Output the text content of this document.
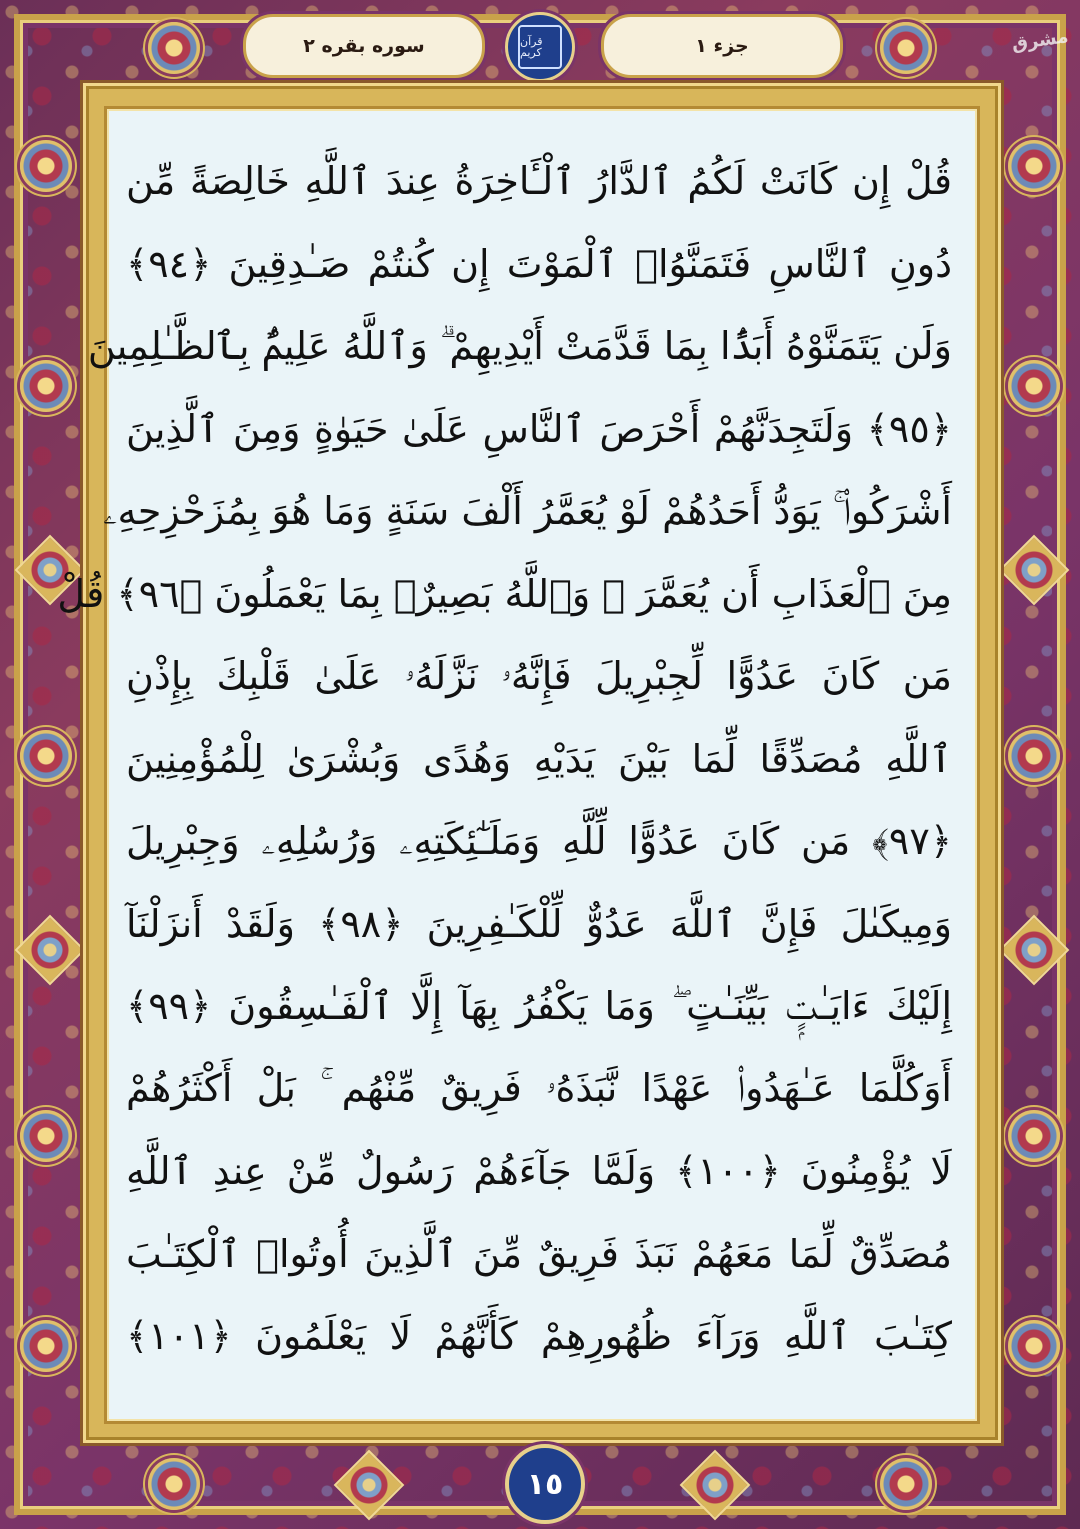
سوره بقره ٢	جزء ١
قرآن كريم	مشرق
قُلْ إِن كَانَتْ لَكُمُ ٱلدَّارُ ٱلْـَٔاخِرَةُ عِندَ ٱللَّهِ خَالِصَةً مِّن
دُونِ ٱلنَّاسِ فَتَمَنَّوُا۟ ٱلْمَوْتَ إِن كُنتُمْ صَـٰدِقِينَ ﴿٩٤﴾
وَلَن يَتَمَنَّوْهُ أَبَدًۢا بِمَا قَدَّمَتْ أَيْدِيهِمْ ۗ وَٱللَّهُ عَلِيمٌۢ بِٱلظَّـٰلِمِينَ
﴿٩٥﴾ وَلَتَجِدَنَّهُمْ أَحْرَصَ ٱلنَّاسِ عَلَىٰ حَيَوٰةٍ وَمِنَ ٱلَّذِينَ
أَشْرَكُوا۟ ۚ يَوَدُّ أَحَدُهُمْ لَوْ يُعَمَّرُ أَلْفَ سَنَةٍ وَمَا هُوَ بِمُزَحْزِحِهِۦ
مِنَ ٱلْعَذَابِ أَن يُعَمَّرَ ۗ وَٱللَّهُ بَصِيرٌۢ بِمَا يَعْمَلُونَ ﴿٩٦﴾ قُلْ
مَن كَانَ عَدُوًّا لِّجِبْرِيلَ فَإِنَّهُۥ نَزَّلَهُۥ عَلَىٰ قَلْبِكَ بِإِذْنِ
ٱللَّهِ مُصَدِّقًا لِّمَا بَيْنَ يَدَيْهِ وَهُدًى وَبُشْرَىٰ لِلْمُؤْمِنِينَ
﴿٩٧﴾ مَن كَانَ عَدُوًّا لِّلَّهِ وَمَلَـٰٓئِكَتِهِۦ وَرُسُلِهِۦ وَجِبْرِيلَ
وَمِيكَىٰلَ فَإِنَّ ٱللَّهَ عَدُوٌّ لِّلْكَـٰفِرِينَ ﴿٩٨﴾ وَلَقَدْ أَنزَلْنَآ
إِلَيْكَ ءَايَـٰتٍۭ بَيِّنَـٰتٍ ۖ وَمَا يَكْفُرُ بِهَآ إِلَّا ٱلْفَـٰسِقُونَ ﴿٩٩﴾
أَوَكُلَّمَا عَـٰهَدُوا۟ عَهْدًا نَّبَذَهُۥ فَرِيقٌ مِّنْهُم ۚ بَلْ أَكْثَرُهُمْ
لَا يُؤْمِنُونَ ﴿١٠٠﴾ وَلَمَّا جَآءَهُمْ رَسُولٌ مِّنْ عِندِ ٱللَّهِ
مُصَدِّقٌ لِّمَا مَعَهُمْ نَبَذَ فَرِيقٌ مِّنَ ٱلَّذِينَ أُوتُوا۟ ٱلْكِتَـٰبَ
كِتَـٰبَ ٱللَّهِ وَرَآءَ ظُهُورِهِمْ كَأَنَّهُمْ لَا يَعْلَمُونَ ﴿١٠١﴾
١٥
